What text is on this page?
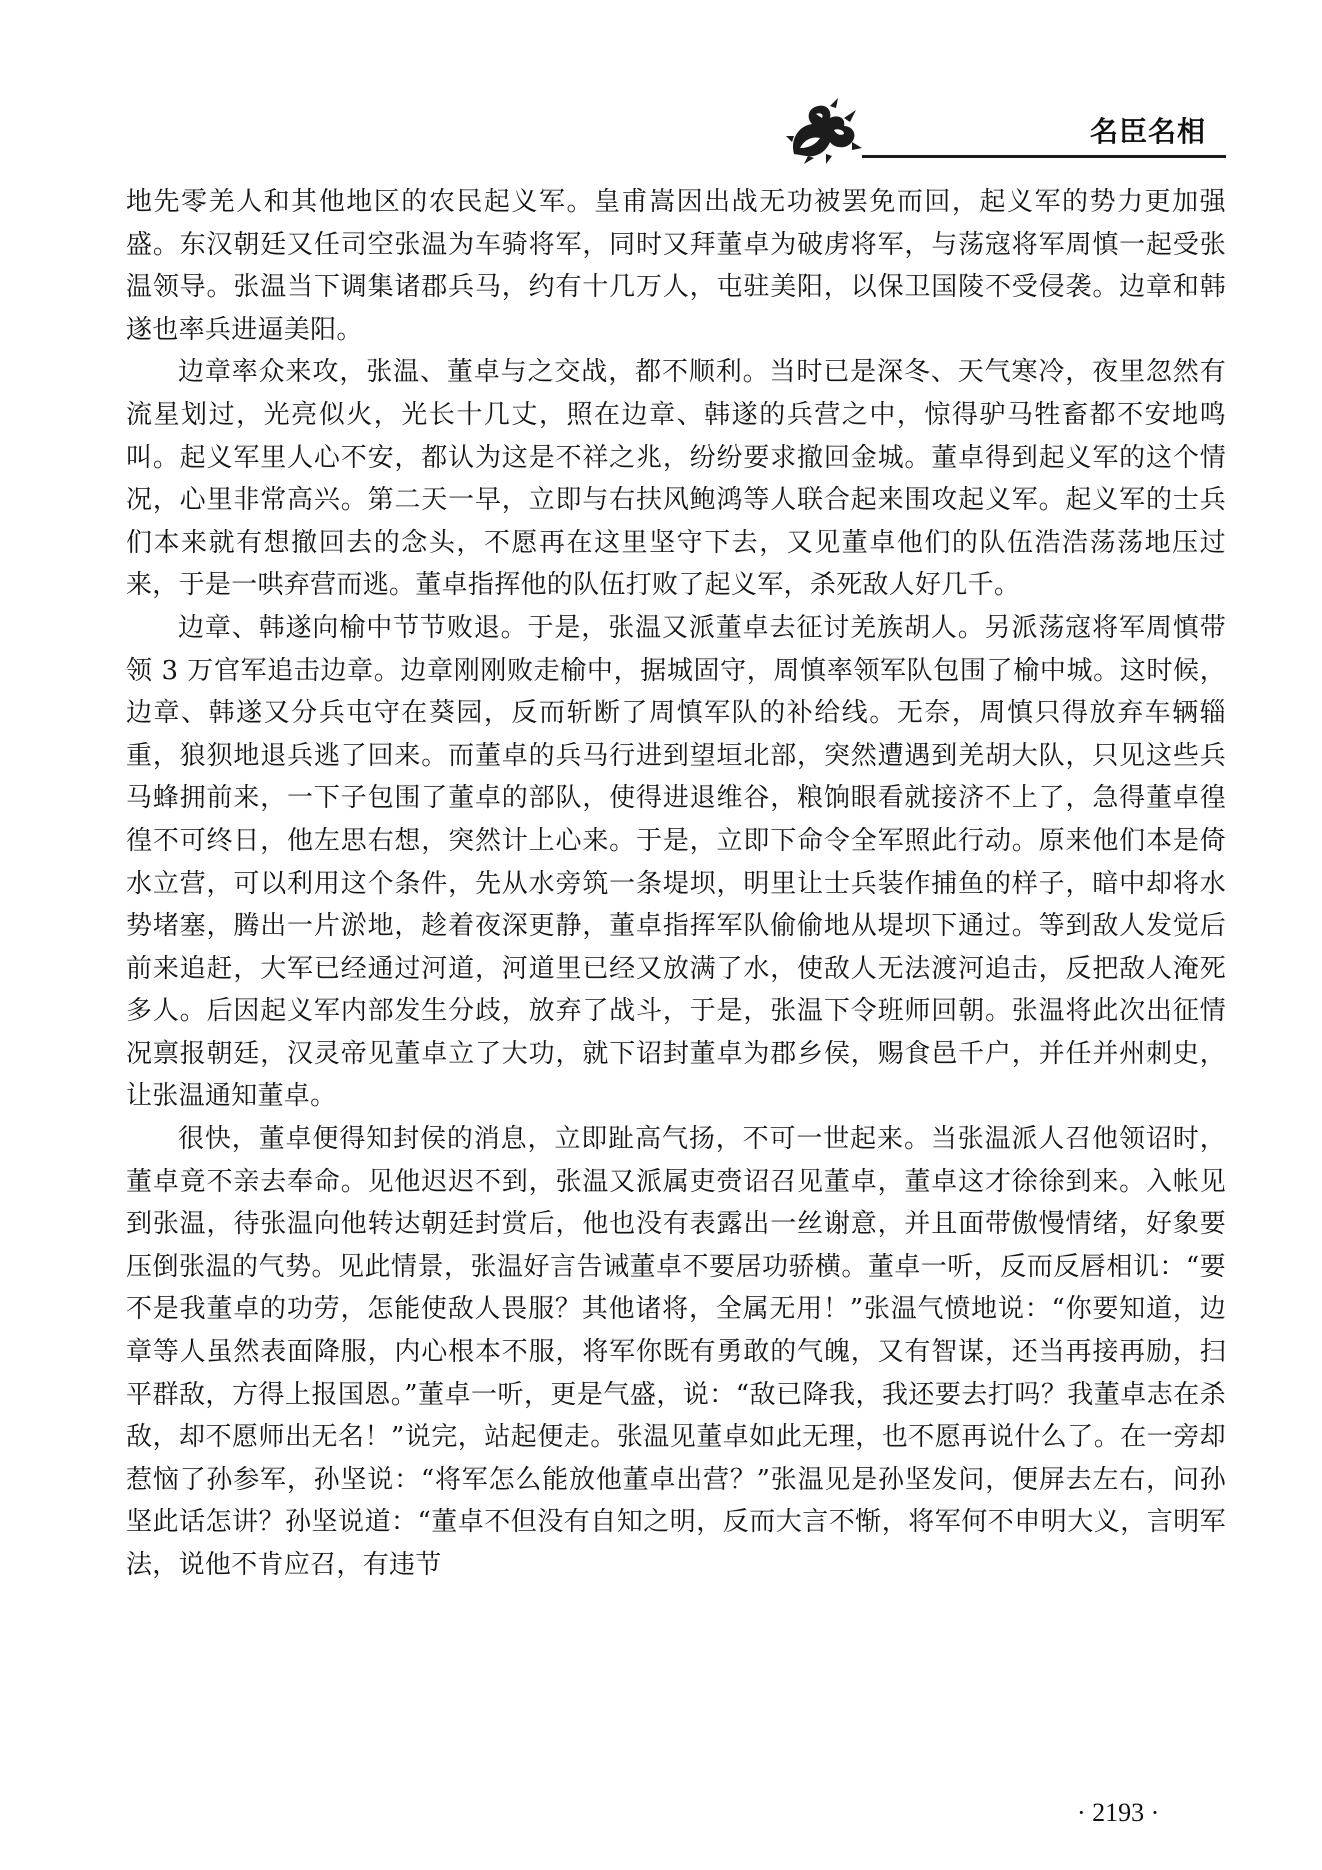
名臣名相

地先零羌人和其他地区的农民起义军。皇甫嵩因出战无功被罢免而回，起义军的势力更加强盛。东汉朝廷又任司空张温为车骑将军，同时又拜董卓为破虏将军，与荡寇将军周慎一起受张温领导。张温当下调集诸郡兵马，约有十几万人，屯驻美阳，以保卫国陵不受侵袭。边章和韩遂也率兵进逼美阳。

边章率众来攻，张温、董卓与之交战，都不顺利。当时已是深冬、天气寒冷，夜里忽然有流星划过，光亮似火，光长十几丈，照在边章、韩遂的兵营之中，惊得驴马牲畜都不安地鸣叫。起义军里人心不安，都认为这是不祥之兆，纷纷要求撤回金城。董卓得到起义军的这个情况，心里非常高兴。第二天一早，立即与右扶风鲍鸿等人联合起来围攻起义军。起义军的士兵们本来就有想撤回去的念头，不愿再在这里坚守下去，又见董卓他们的队伍浩浩荡荡地压过来，于是一哄弃营而逃。董卓指挥他的队伍打败了起义军，杀死敌人好几千。

边章、韩遂向榆中节节败退。于是，张温又派董卓去征讨羌族胡人。另派荡寇将军周慎带领 3 万官军追击边章。边章刚刚败走榆中，据城固守，周慎率领军队包围了榆中城。这时候，边章、韩遂又分兵屯守在葵园，反而斩断了周慎军队的补给线。无奈，周慎只得放弃车辆辎重，狼狈地退兵逃了回来。而董卓的兵马行进到望垣北部，突然遭遇到羌胡大队，只见这些兵马蜂拥前来，一下子包围了董卓的部队，使得进退维谷，粮饷眼看就接济不上了，急得董卓徨徨不可终日，他左思右想，突然计上心来。于是，立即下命令全军照此行动。原来他们本是倚水立营，可以利用这个条件，先从水旁筑一条堤坝，明里让士兵装作捕鱼的样子，暗中却将水势堵塞，腾出一片淤地，趁着夜深更静，董卓指挥军队偷偷地从堤坝下通过。等到敌人发觉后前来追赶，大军已经通过河道，河道里已经又放满了水，使敌人无法渡河追击，反把敌人淹死多人。后因起义军内部发生分歧，放弃了战斗，于是，张温下令班师回朝。张温将此次出征情况禀报朝廷，汉灵帝见董卓立了大功，就下诏封董卓为郡乡侯，赐食邑千户，并任并州刺史，让张温通知董卓。

很快，董卓便得知封侯的消息，立即趾高气扬，不可一世起来。当张温派人召他领诏时，董卓竟不亲去奉命。见他迟迟不到，张温又派属吏赍诏召见董卓，董卓这才徐徐到来。入帐见到张温，待张温向他转达朝廷封赏后，他也没有表露出一丝谢意，并且面带傲慢情绪，好象要压倒张温的气势。见此情景，张温好言告诫董卓不要居功骄横。董卓一听，反而反唇相讥：“要不是我董卓的功劳，怎能使敌人畏服？其他诸将，全属无用！”张温气愤地说：“你要知道，边章等人虽然表面降服，内心根本不服，将军你既有勇敢的气魄，又有智谋，还当再接再励，扫平群敌，方得上报国恩。”董卓一听，更是气盛，说：“敌已降我，我还要去打吗？我董卓志在杀敌，却不愿师出无名！”说完，站起便走。张温见董卓如此无理，也不愿再说什么了。在一旁却惹恼了孙参军，孙坚说：“将军怎么能放他董卓出营？”张温见是孙坚发问，便屏去左右，问孙坚此话怎讲？孙坚说道：“董卓不但没有自知之明，反而大言不惭，将军何不申明大义，言明军法，说他不肯应召，有违节

· 2193 ·
